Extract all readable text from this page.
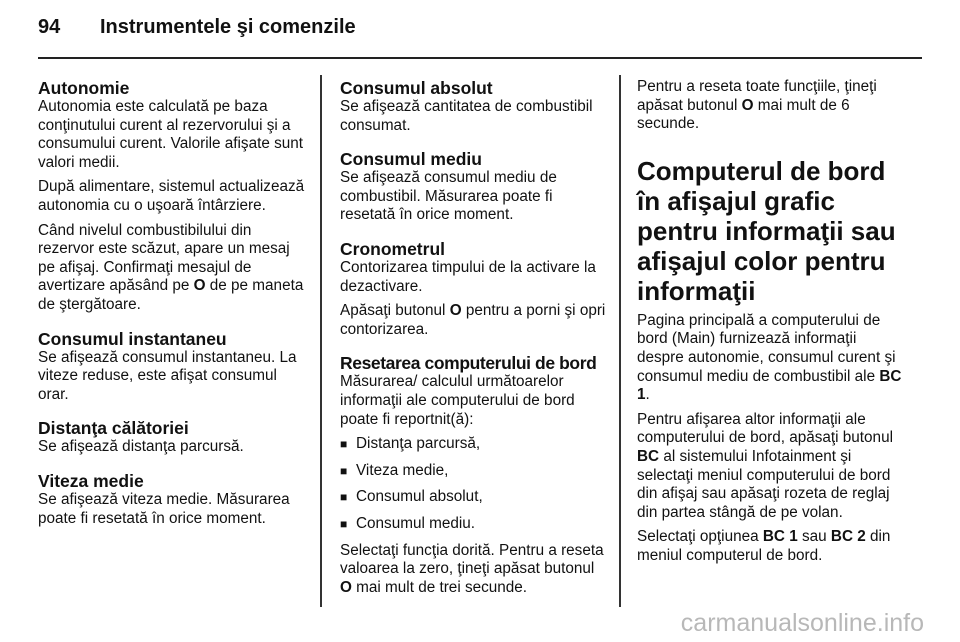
94 Instrumentele şi comenzile
Autonomie

Autonomia este calculată pe baza conţinutului curent al rezervorului şi a consumului curent. Valorile afişate sunt valori medii.

După alimentare, sistemul actualizează autonomia cu o uşoară întârziere.

Când nivelul combustibilului din rezervor este scăzut, apare un mesaj pe afişaj. Confirmaţi mesajul de avertizare apăsând pe O de pe maneta de ştergătoare.

Consumul instantaneu

Se afişează consumul instantaneu. La viteze reduse, este afişat consumul orar.

Distanţa călătoriei

Se afişează distanţa parcursă.

Viteza medie

Se afişează viteza medie. Măsurarea poate fi resetată în orice moment.

Consumul absolut

Se afişează cantitatea de combustibil consumat.

Consumul mediu

Se afişează consumul mediu de combustibil. Măsurarea poate fi resetată în orice moment.

Cronometrul

Contorizarea timpului de la activare la dezactivare.

Apăsaţi butonul O pentru a porni şi opri contorizarea.

Resetarea computerului de bord

Măsurarea/ calculul următoarelor informaţii ale computerului de bord poate fi reportnit(ă):

■ Distanţa parcursă,
■ Viteza medie,
■ Consumul absolut,
■ Consumul mediu.

Selectaţi funcţia dorită. Pentru a reseta valoarea la zero, ţineţi apăsat butonul O mai mult de trei secunde.

Pentru a reseta toate funcţiile, ţineţi apăsat butonul O mai mult de 6 secunde.

Computerul de bord în afişajul grafic pentru informaţii sau afişajul color pentru informaţii

Pagina principală a computerului de bord (Main) furnizează informaţii despre autonomie, consumul curent şi consumul mediu de combustibil ale BC 1.

Pentru afişarea altor informaţii ale computerului de bord, apăsaţi butonul BC al sistemului Infotainment şi selectaţi meniul computerului de bord din afişaj sau apăsaţi rozeta de reglaj din partea stângă de pe volan.

Selectaţi opţiunea BC 1 sau BC 2 din meniul computerul de bord.

carmanualsonline.info
